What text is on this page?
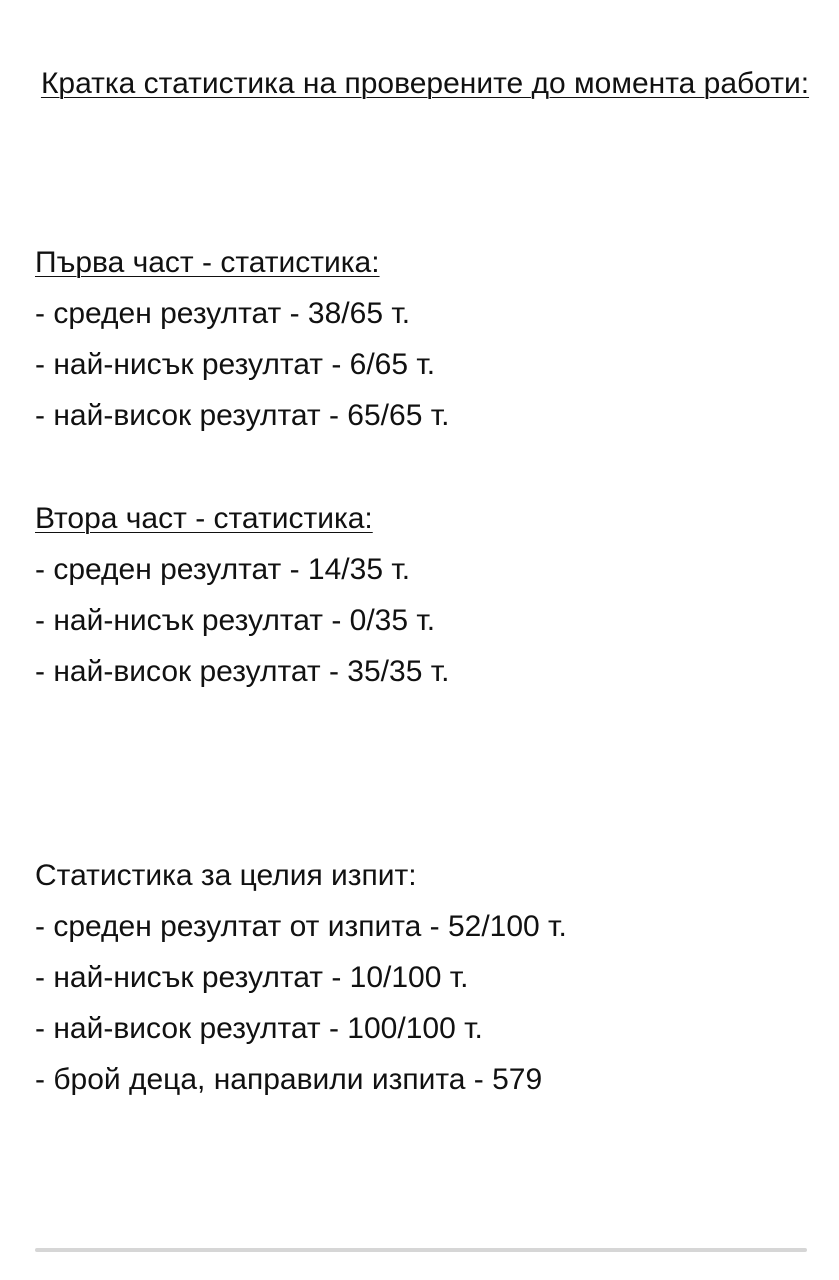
Кратка статистика на проверените до момента работи:

Първа част - статистика:

- среден резултат - 38/65 т.

- най-нисък резултат - 6/65 т.

- най-висок резултат - 65/65 т.

Втора част - статистика:

- среден резултат - 14/35 т.

- най-нисък резултат - 0/35 т.

- най-висок резултат - 35/35 т.

Статистика за целия изпит:

- среден резултат от изпита - 52/100 т.

- най-нисък резултат - 10/100 т.

- най-висок резултат - 100/100 т.

- брой деца, направили изпита - 579
